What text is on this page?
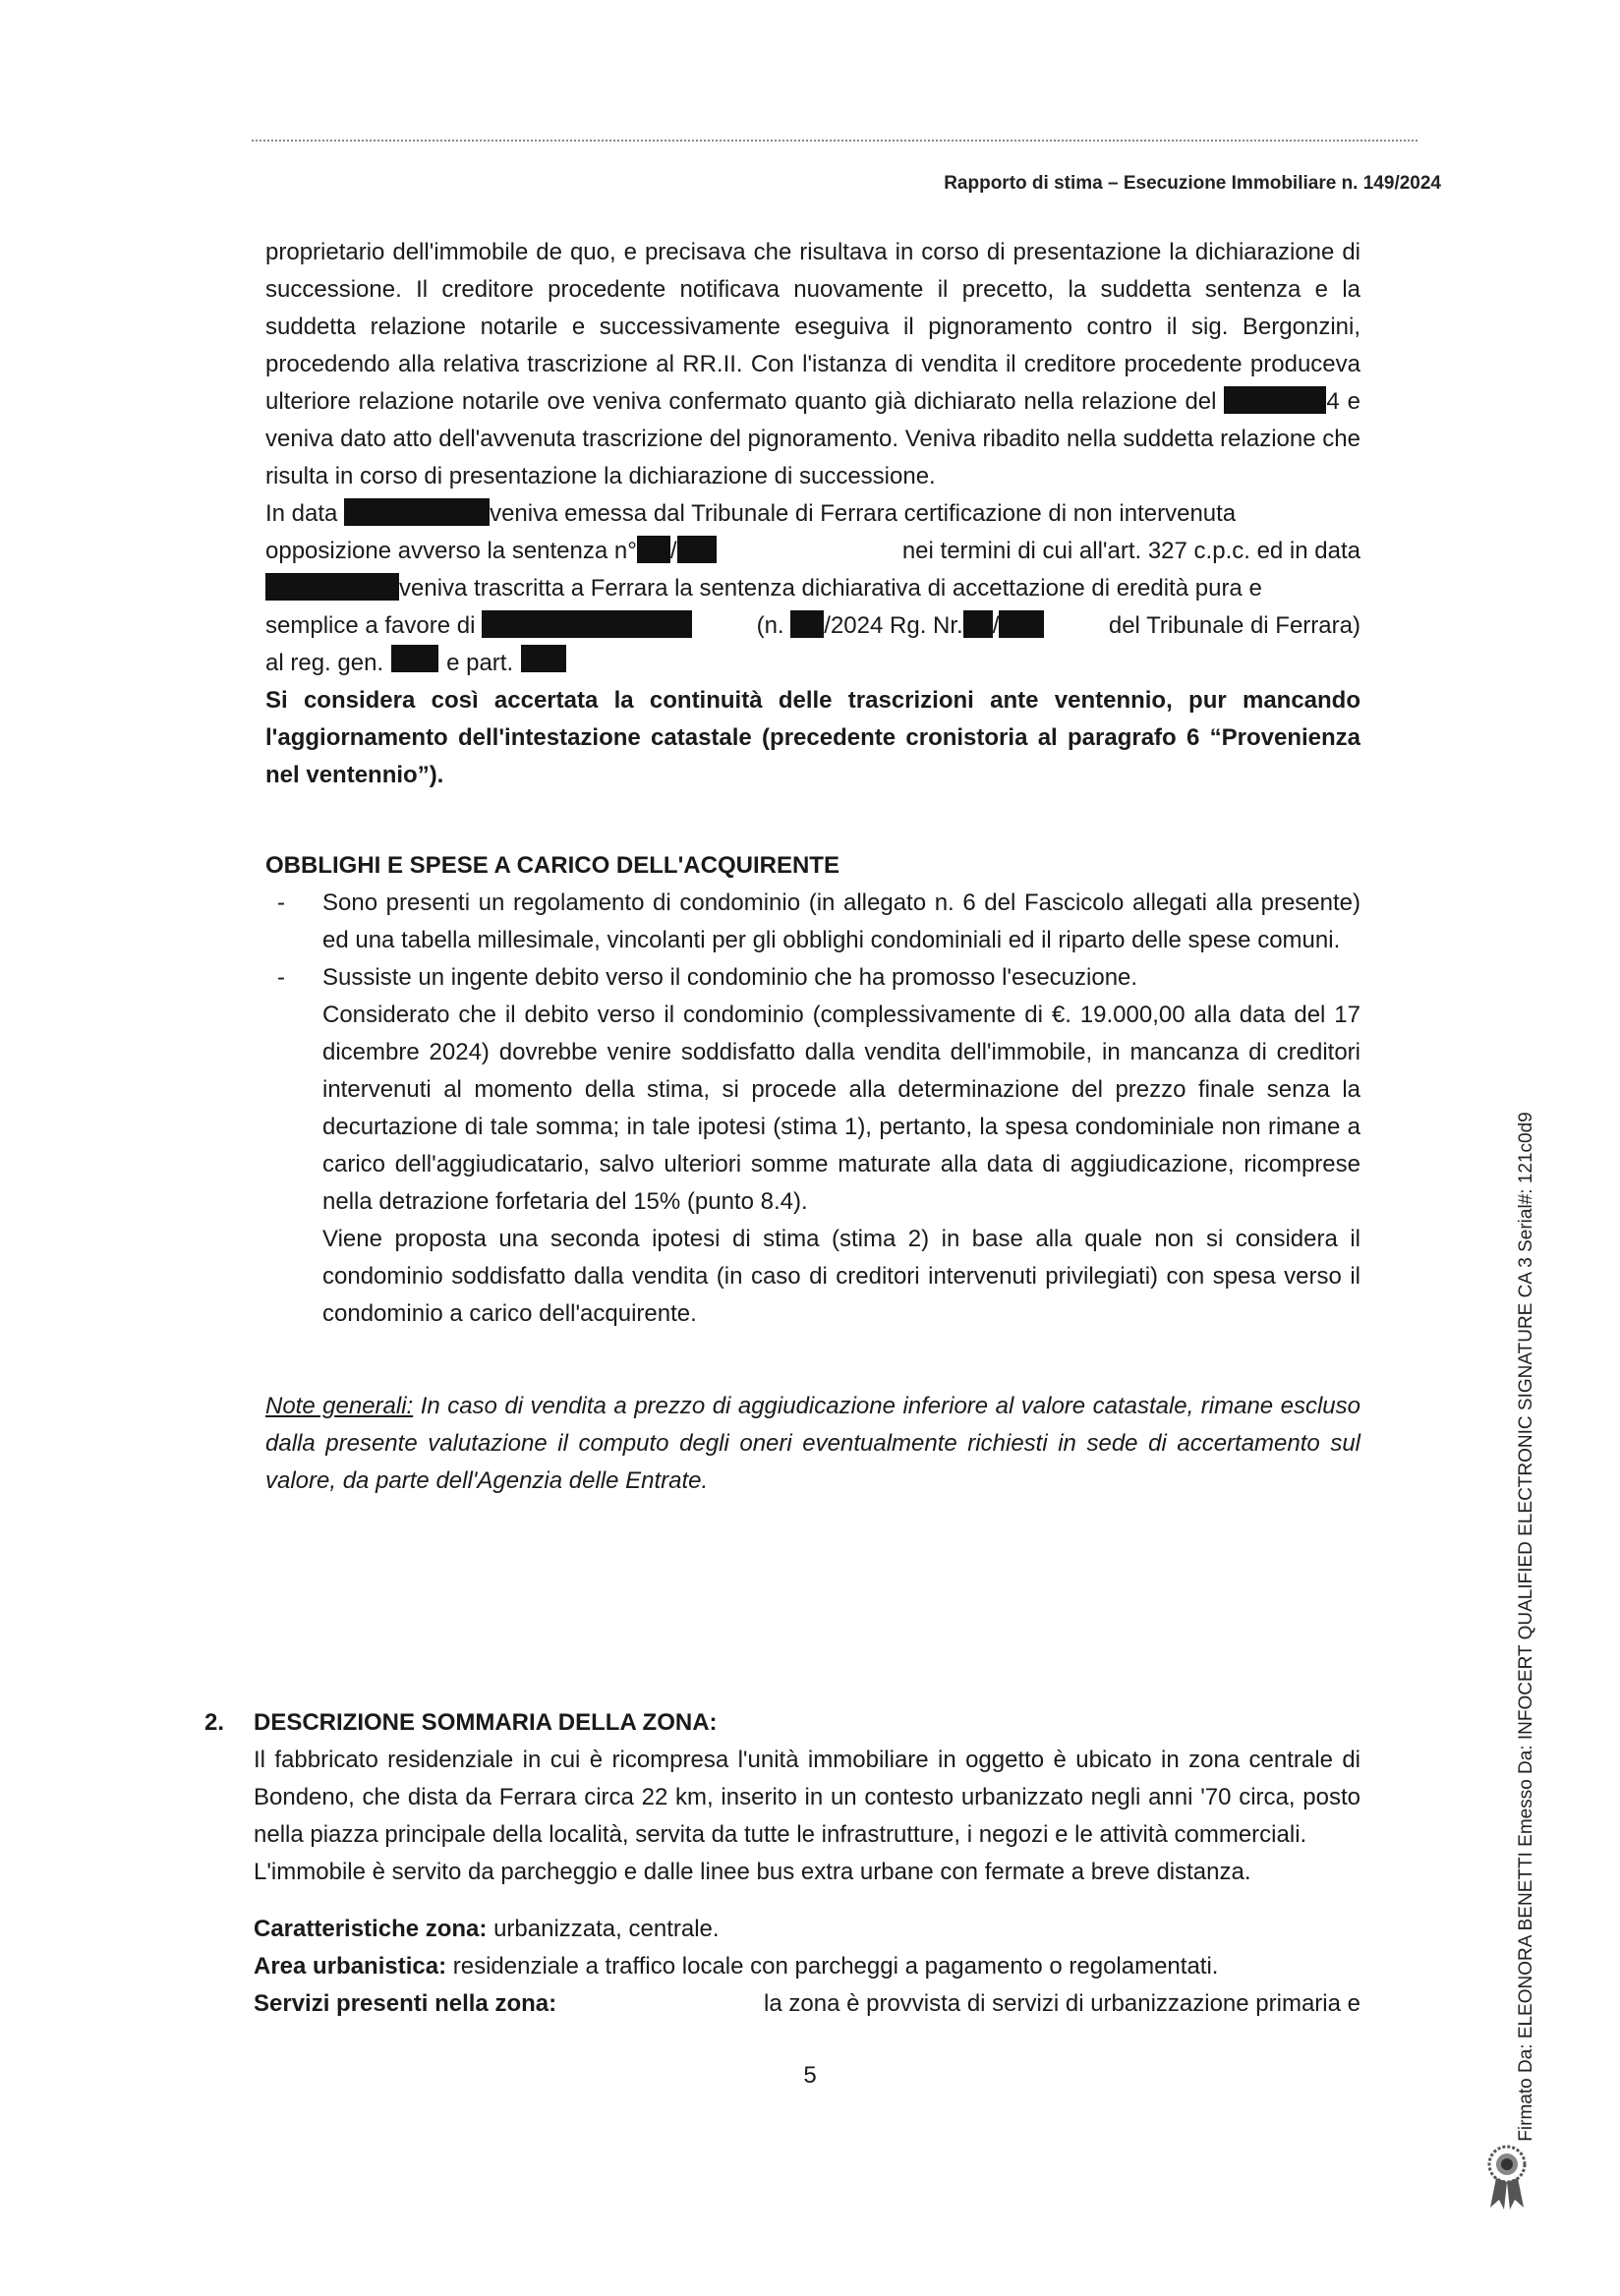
Rapporto di stima – Esecuzione Immobiliare n. 149/2024

proprietario dell'immobile de quo, e precisava che risultava in corso di presentazione la dichiarazione di successione. Il creditore procedente notificava nuovamente il precetto, la suddetta sentenza e la suddetta relazione notarile e successivamente eseguiva il pignoramento contro il sig. Bergonzini, procedendo alla relativa trascrizione al RR.II. Con l'istanza di vendita il creditore procedente produceva ulteriore relazione notarile ove veniva confermato quanto già dichiarato nella relazione del	4 e veniva dato atto dell'avvenuta trascrizione del pignoramento. Veniva ribadito nella suddetta relazione che risulta in corso di presentazione la dichiarazione di successione.

In data	veniva emessa dal Tribunale di Ferrara certificazione di non intervenuta
opposizione avverso la sentenza n° /	nei termini di cui all'art. 327 c.p.c. ed in data
veniva trascritta a Ferrara la sentenza dichiarativa di accettazione di eredità pura e
semplice a favore di	(n. /2024 Rg. Nr. /	del Tribunale di Ferrara)
al reg. gen.	e part.

Si considera così accertata la continuità delle trascrizioni ante ventennio, pur mancando l'aggiornamento dell'intestazione catastale (precedente cronistoria al paragrafo 6 “Provenienza nel ventennio”).

OBBLIGHI E SPESE A CARICO DELL'ACQUIRENTE
- Sono presenti un regolamento di condominio (in allegato n. 6 del Fascicolo allegati alla presente) ed una tabella millesimale, vincolanti per gli obblighi condominiali ed il riparto delle spese comuni.
- Sussiste un ingente debito verso il condominio che ha promosso l'esecuzione.
Considerato che il debito verso il condominio (complessivamente di €. 19.000,00 alla data del 17 dicembre 2024) dovrebbe venire soddisfatto dalla vendita dell'immobile, in mancanza di creditori intervenuti al momento della stima, si procede alla determinazione del prezzo finale senza la decurtazione di tale somma; in tale ipotesi (stima 1), pertanto, la spesa condominiale non rimane a carico dell'aggiudicatario, salvo ulteriori somme maturate alla data di aggiudicazione, ricomprese nella detrazione forfetaria del 15% (punto 8.4).
Viene proposta una seconda ipotesi di stima (stima 2) in base alla quale non si considera il condominio soddisfatto dalla vendita (in caso di creditori intervenuti privilegiati) con spesa verso il condominio a carico dell'acquirente.

Note generali: In caso di vendita a prezzo di aggiudicazione inferiore al valore catastale, rimane escluso dalla presente valutazione il computo degli oneri eventualmente richiesti in sede di accertamento sul valore, da parte dell'Agenzia delle Entrate.

2. DESCRIZIONE SOMMARIA DELLA ZONA:

Il fabbricato residenziale in cui è ricompresa l'unità immobiliare in oggetto è ubicato in zona centrale di Bondeno, che dista da Ferrara circa 22 km, inserito in un contesto urbanizzato negli anni '70 circa, posto nella piazza principale della località, servita da tutte le infrastrutture, i negozi e le attività commerciali.

L'immobile è servito da parcheggio e dalle linee bus extra urbane con fermate a breve distanza.

Caratteristiche zona: urbanizzata, centrale.
Area urbanistica: residenziale a traffico locale con parcheggi a pagamento o regolamentati.
Servizi presenti nella zona:	la zona è provvista di servizi di urbanizzazione primaria e
5	Firmato Da: ELEONORA BENETTI Emesso Da: INFOCERT QUALIFIED ELECTRONIC SIGNATURE CA 3 Serial#: 121c0d9
